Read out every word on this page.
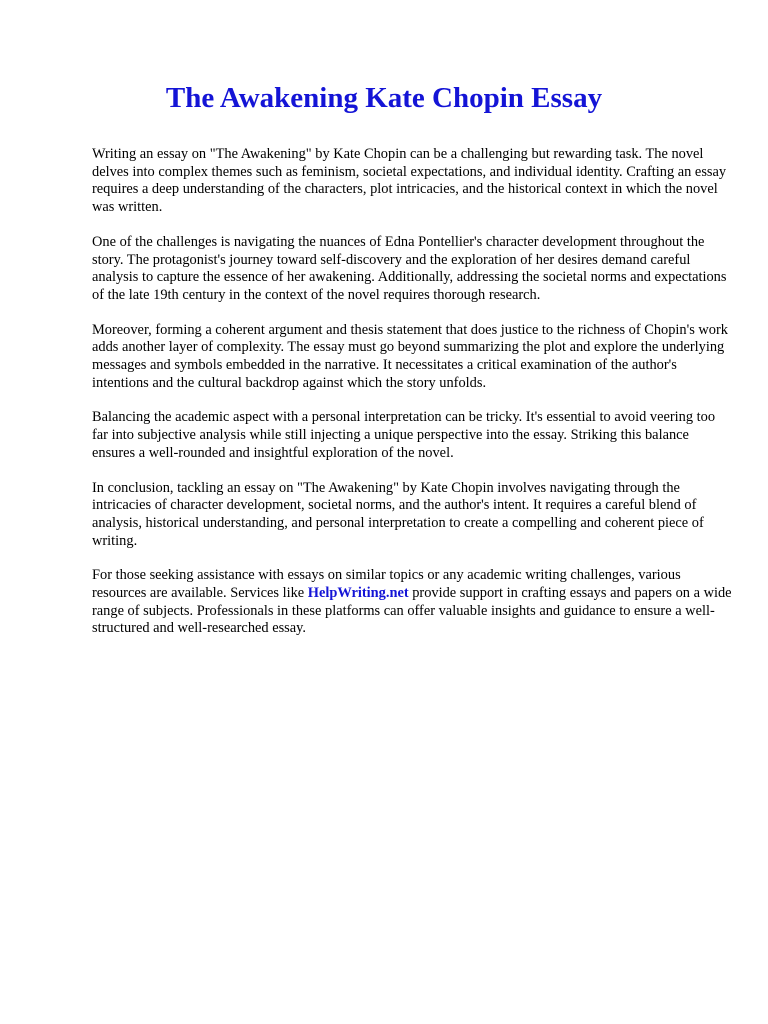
The Awakening Kate Chopin Essay

Writing an essay on "The Awakening" by Kate Chopin can be a challenging but rewarding task. The novel delves into complex themes such as feminism, societal expectations, and individual identity. Crafting an essay requires a deep understanding of the characters, plot intricacies, and the historical context in which the novel was written.

One of the challenges is navigating the nuances of Edna Pontellier's character development throughout the story. The protagonist's journey toward self-discovery and the exploration of her desires demand careful analysis to capture the essence of her awakening. Additionally, addressing the societal norms and expectations of the late 19th century in the context of the novel requires thorough research.

Moreover, forming a coherent argument and thesis statement that does justice to the richness of Chopin's work adds another layer of complexity. The essay must go beyond summarizing the plot and explore the underlying messages and symbols embedded in the narrative. It necessitates a critical examination of the author's intentions and the cultural backdrop against which the story unfolds.

Balancing the academic aspect with a personal interpretation can be tricky. It's essential to avoid veering too far into subjective analysis while still injecting a unique perspective into the essay. Striking this balance ensures a well-rounded and insightful exploration of the novel.

In conclusion, tackling an essay on "The Awakening" by Kate Chopin involves navigating through the intricacies of character development, societal norms, and the author's intent. It requires a careful blend of analysis, historical understanding, and personal interpretation to create a compelling and coherent piece of writing.

For those seeking assistance with essays on similar topics or any academic writing challenges, various resources are available. Services like HelpWriting.net provide support in crafting essays and papers on a wide range of subjects. Professionals in these platforms can offer valuable insights and guidance to ensure a well-structured and well-researched essay.
